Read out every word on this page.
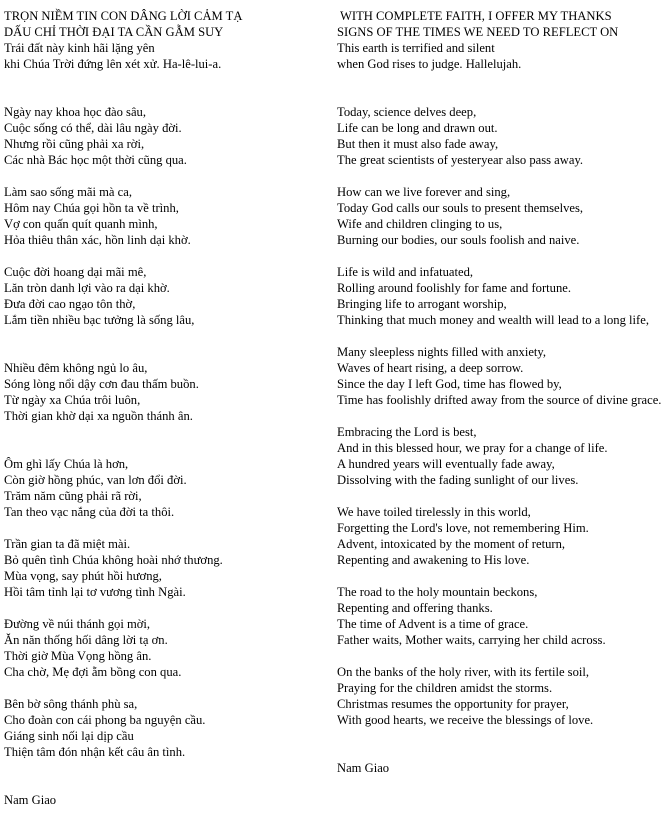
TRỌN NIỀM TIN CON DÂNG LỜI CẢM TẠ
DẤU CHỈ THỜI ĐẠI TA CẦN GẪM SUY
Trái đất này kinh hãi lặng yên
khi Chúa Trời đứng lên xét xử. Ha-lê-lui-a.
Ngày nay khoa học đào sâu,
Cuộc sống có thể, dài lâu ngày đời.
Nhưng rồi cũng phải xa rời,
Các nhà Bác học một thời cũng qua.
Làm sao sống mãi mà ca,
Hôm nay Chúa gọi hồn ta về trình,
Vợ con quấn quít quanh mình,
Hỏa thiêu thân xác, hồn linh dại khờ.
Cuộc đời hoang dại mãi mê,
Lăn tròn danh lợi vào ra dại khờ.
Đưa đời cao ngạo tôn thờ,
Lắm tiền nhiều bạc tưởng là sống lâu,
Nhiều đêm không ngủ lo âu,
Sóng lòng nổi dậy cơn đau thấm buồn.
Từ ngày xa Chúa trôi luôn,
Thời gian khờ dại xa nguồn thánh ân.
Ôm ghì lấy Chúa là hơn,
Còn giờ hồng phúc, van lơn đổi đời.
Trăm năm cũng phải rã rời,
Tan theo vạc nắng của đời ta thôi.
Trần gian ta đã miệt mài.
Bỏ quên tình Chúa không hoài nhớ thương.
Mùa vọng, say phút hồi hương,
Hồi tâm tỉnh lại tơ vương tình Ngài.
Đường về núi thánh gọi mời,
Ăn năn thống hối dâng lời tạ ơn.
Thời giờ Mùa Vọng hồng ân.
Cha chờ, Mẹ đợi ẵm bồng con qua.
Bên bờ sông thánh phù sa,
Cho đoàn con cái phong ba nguyện cầu.
Giáng sinh nối lại dịp cầu
Thiện tâm đón nhận kết câu ân tình.
Nam Giao
WITH COMPLETE FAITH, I OFFER MY THANKS
SIGNS OF THE TIMES WE NEED TO REFLECT ON
This earth is terrified and silent
when God rises to judge. Hallelujah.
Today, science delves deep,
Life can be long and drawn out.
But then it must also fade away,
The great scientists of yesteryear also pass away.
How can we live forever and sing,
Today God calls our souls to present themselves,
Wife and children clinging to us,
Burning our bodies, our souls foolish and naive.
Life is wild and infatuated,
Rolling around foolishly for fame and fortune.
Bringing life to arrogant worship,
Thinking that much money and wealth will lead to a long life,
Many sleepless nights filled with anxiety,
Waves of heart rising, a deep sorrow.
Since the day I left God, time has flowed by,
Time has foolishly drifted away from the source of divine grace.
Embracing the Lord is best,
And in this blessed hour, we pray for a change of life.
A hundred years will eventually fade away,
Dissolving with the fading sunlight of our lives.
We have toiled tirelessly in this world,
Forgetting the Lord's love, not remembering Him.
Advent, intoxicated by the moment of return,
Repenting and awakening to His love.
The road to the holy mountain beckons,
Repenting and offering thanks.
The time of Advent is a time of grace.
Father waits, Mother waits, carrying her child across.
On the banks of the holy river, with its fertile soil,
Praying for the children amidst the storms.
Christmas resumes the opportunity for prayer,
With good hearts, we receive the blessings of love.
Nam Giao
